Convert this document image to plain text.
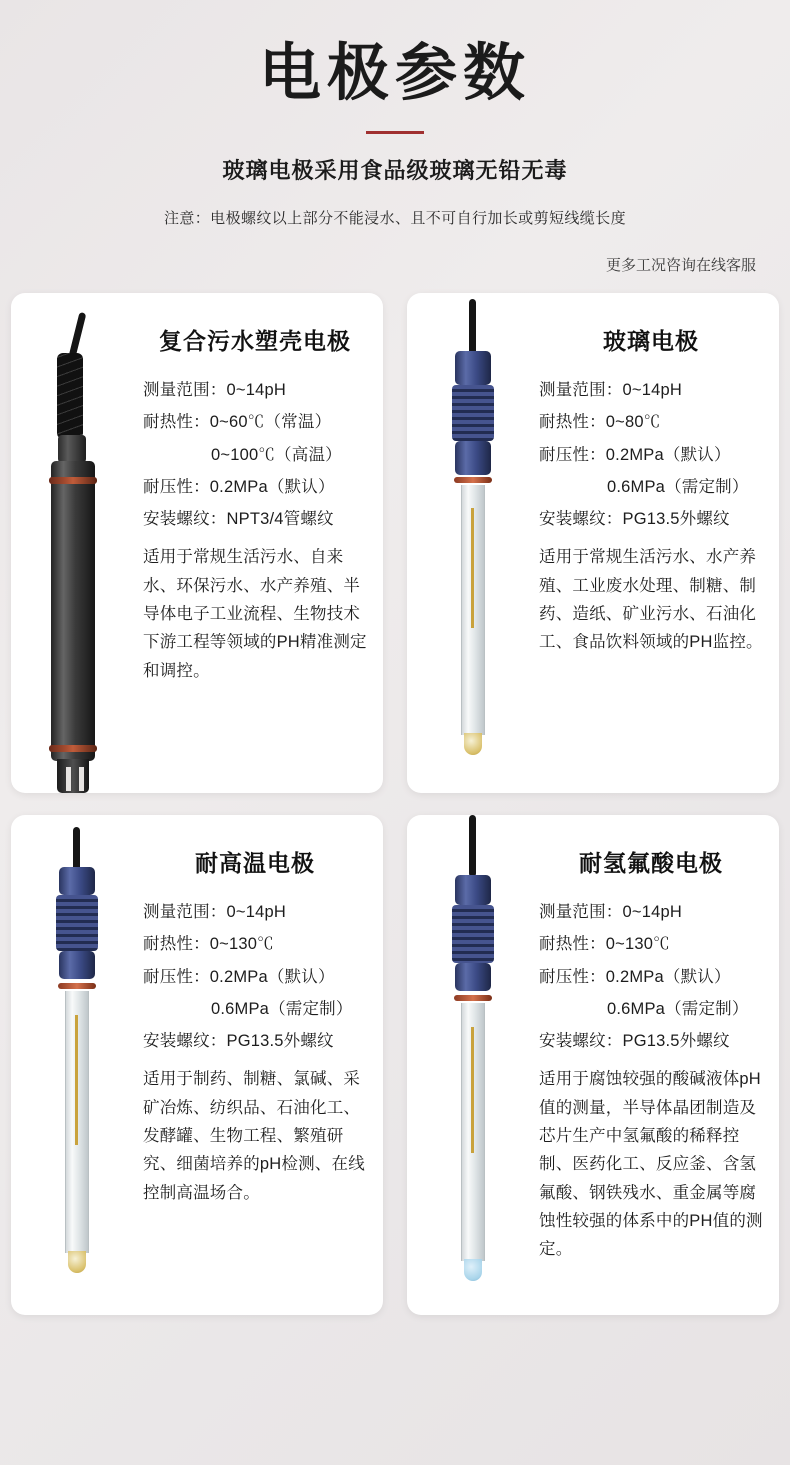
电极参数
玻璃电极采用食品级玻璃无铅无毒

注意：电极螺纹以上部分不能浸水、且不可自行加长或剪短线缆长度

更多工况咨询在线客服
复合污水塑壳电极
测量范围：0~14pH
耐热性：0~60℃（常温）
0~100℃（高温）
耐压性：0.2MPa（默认）
安装螺纹：NPT3/4管螺纹
适用于常规生活污水、自来水、环保污水、水产养殖、半导体电子工业流程、生物技术下游工程等领域的PH精准测定和调控。
玻璃电极
测量范围：0~14pH
耐热性：0~80℃
耐压性：0.2MPa（默认）
0.6MPa（需定制）
安装螺纹：PG13.5外螺纹
适用于常规生活污水、水产养殖、工业废水处理、制糖、制药、造纸、矿业污水、石油化工、食品饮料领域的PH监控。
耐高温电极
测量范围：0~14pH
耐热性：0~130℃
耐压性：0.2MPa（默认）
0.6MPa（需定制）
安装螺纹：PG13.5外螺纹
适用于制药、制糖、氯碱、采矿冶炼、纺织品、石油化工、发酵罐、生物工程、繁殖研究、细菌培养的pH检测、在线控制高温场合。
耐氢氟酸电极
测量范围：0~14pH
耐热性：0~130℃
耐压性：0.2MPa（默认）
0.6MPa（需定制）
安装螺纹：PG13.5外螺纹
适用于腐蚀较强的酸碱液体pH值的测量，半导体晶团制造及芯片生产中氢氟酸的稀释控制、医药化工、反应釜、含氢氟酸、钢铁残水、重金属等腐蚀性较强的体系中的PH值的测定。
